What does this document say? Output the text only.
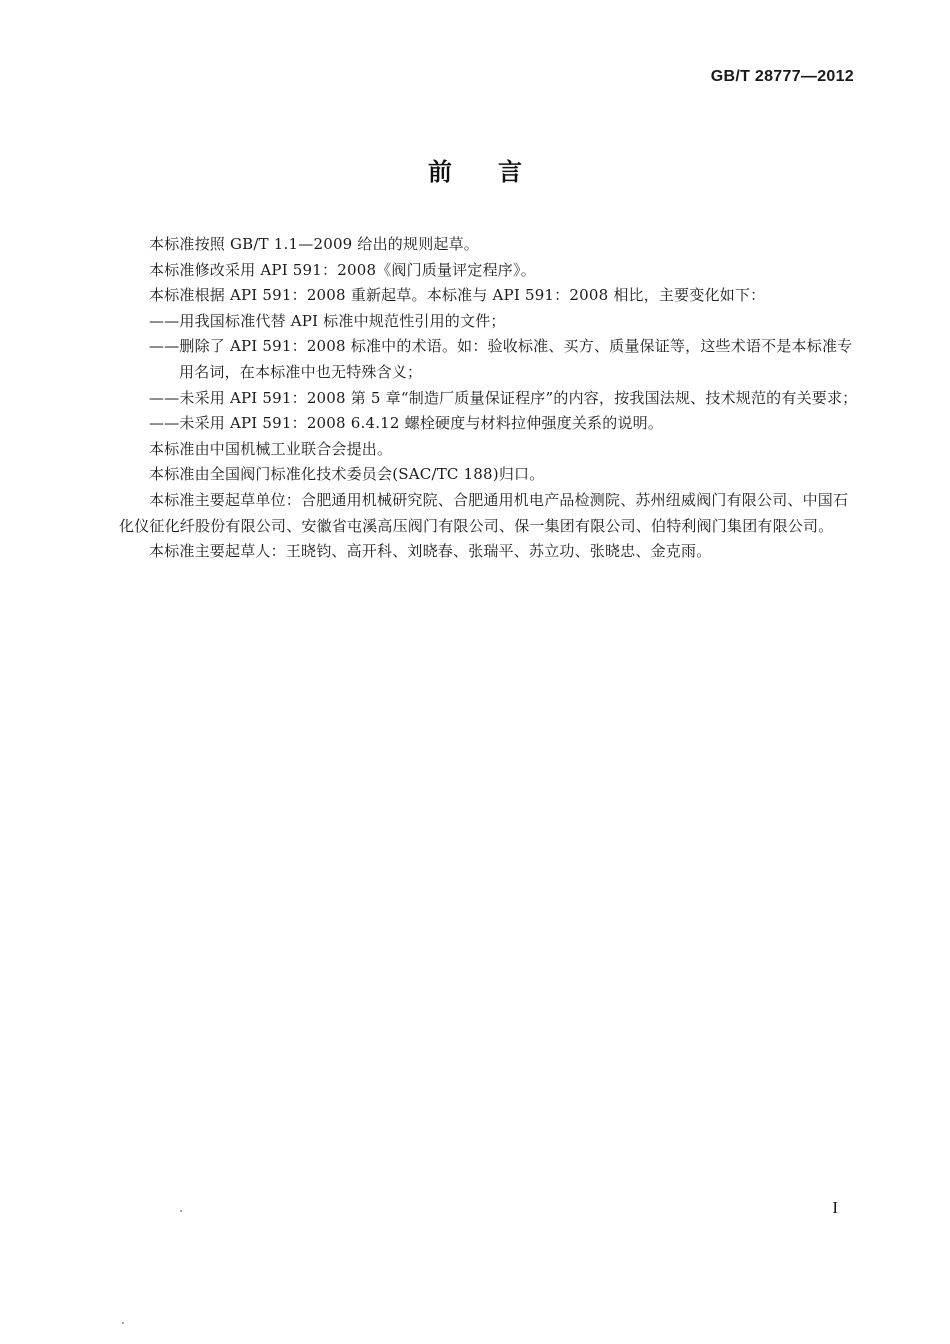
GB/T 28777—2012
前言

本标准按照 GB/T 1.1—2009 给出的规则起草。

本标准修改采用 API 591：2008《阀门质量评定程序》。

本标准根据 API 591：2008 重新起草。本标准与 API 591：2008 相比，主要变化如下：

——用我国标准代替 API 标准中规范性引用的文件；

——删除了 API 591：2008 标准中的术语。如：验收标准、买方、质量保证等，这些术语不是本标准专用名词，在本标准中也无特殊含义；

——未采用 API 591：2008 第 5 章“制造厂质量保证程序”的内容，按我国法规、技术规范的有关要求；

——未采用 API 591：2008 6.4.12 螺栓硬度与材料拉伸强度关系的说明。

本标准由中国机械工业联合会提出。

本标准由全国阀门标准化技术委员会(SAC/TC 188)归口。

本标准主要起草单位：合肥通用机械研究院、合肥通用机电产品检测院、苏州纽威阀门有限公司、中国石化仪征化纤股份有限公司、安徽省屯溪高压阀门有限公司、保一集团有限公司、伯特利阀门集团有限公司。

本标准主要起草人：王晓钧、高开科、刘晓春、张瑞平、苏立功、张晓忠、金克雨。

I
